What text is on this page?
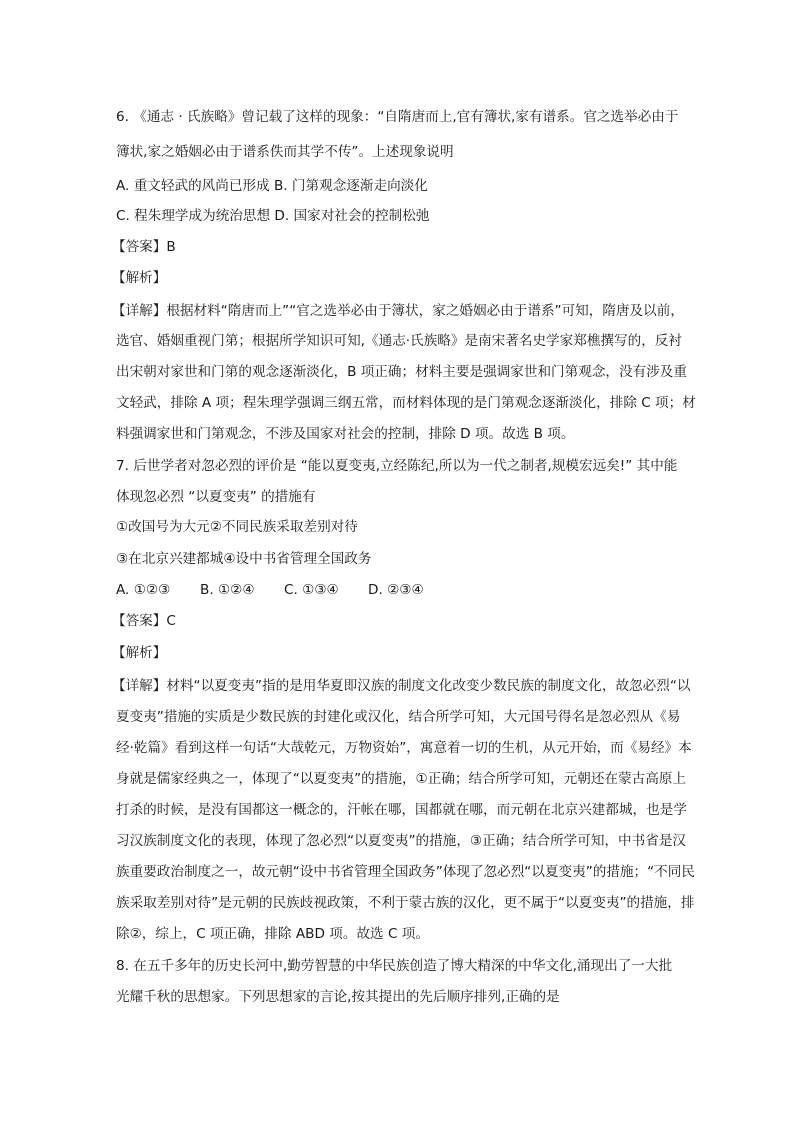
6. 《通志 · 氏族略》曾记载了这样的现象：“自隋唐而上,官有簿状,家有谱系。官之选举必由于
簿状,家之婚姻必由于谱系佚而其学不传”。上述现象说明
A. 重文轻武的风尚已形成 B. 门第观念逐渐走向淡化
C. 程朱理学成为统治思想 D. 国家对社会的控制松弛
【答案】B
【解析】
【详解】根据材料“隋唐而上”“官之选举必由于簿状，家之婚姻必由于谱系”可知，隋唐及以前，
选官、婚姻重视门第；根据所学知识可知,《通志·氏族略》是南宋著名史学家郑樵撰写的，反衬
出宋朝对家世和门第的观念逐渐淡化，B 项正确；材料主要是强调家世和门第观念，没有涉及重
文轻武，排除 A 项；程朱理学强调三纲五常，而材料体现的是门第观念逐渐淡化，排除 C 项；材
料强调家世和门第观念，不涉及国家对社会的控制，排除 D 项。故选 B 项。
7. 后世学者对忽必烈的评价是 “能以夏变夷,立经陈纪,所以为一代之制者,规模宏远矣!” 其中能
体现忽必烈 “以夏变夷” 的措施有
①改国号为大元②不同民族采取差别对待
③在北京兴建都城④设中书省管理全国政务
A. ①②③ B. ①②④ C. ①③④ D. ②③④
【答案】C
【解析】
【详解】材料“以夏变夷”指的是用华夏即汉族的制度文化改变少数民族的制度文化，故忽必烈“以
夏变夷”措施的实质是少数民族的封建化或汉化，结合所学可知，大元国号得名是忽必烈从《易
经·乾篇》看到这样一句话“大哉乾元，万物资始”，寓意着一切的生机，从元开始，而《易经》本
身就是儒家经典之一，体现了“以夏变夷”的措施，①正确；结合所学可知，元朝还在蒙古高原上
打杀的时候，是没有国都这一概念的，汗帐在哪，国都就在哪，而元朝在北京兴建都城，也是学
习汉族制度文化的表现，体现了忽必烈“以夏变夷”的措施，③正确；结合所学可知，中书省是汉
族重要政治制度之一，故元朝“设中书省管理全国政务”体现了忽必烈“以夏变夷”的措施；“不同民
族采取差别对待”是元朝的民族歧视政策，不利于蒙古族的汉化，更不属于“以夏变夷”的措施，排
除②，综上，C 项正确，排除 ABD 项。故选 C 项。
8. 在五千多年的历史长河中,勤劳智慧的中华民族创造了博大精深的中华文化,涌现出了一大批
光耀千秋的思想家。下列思想家的言论,按其提出的先后顺序排列,正确的是
